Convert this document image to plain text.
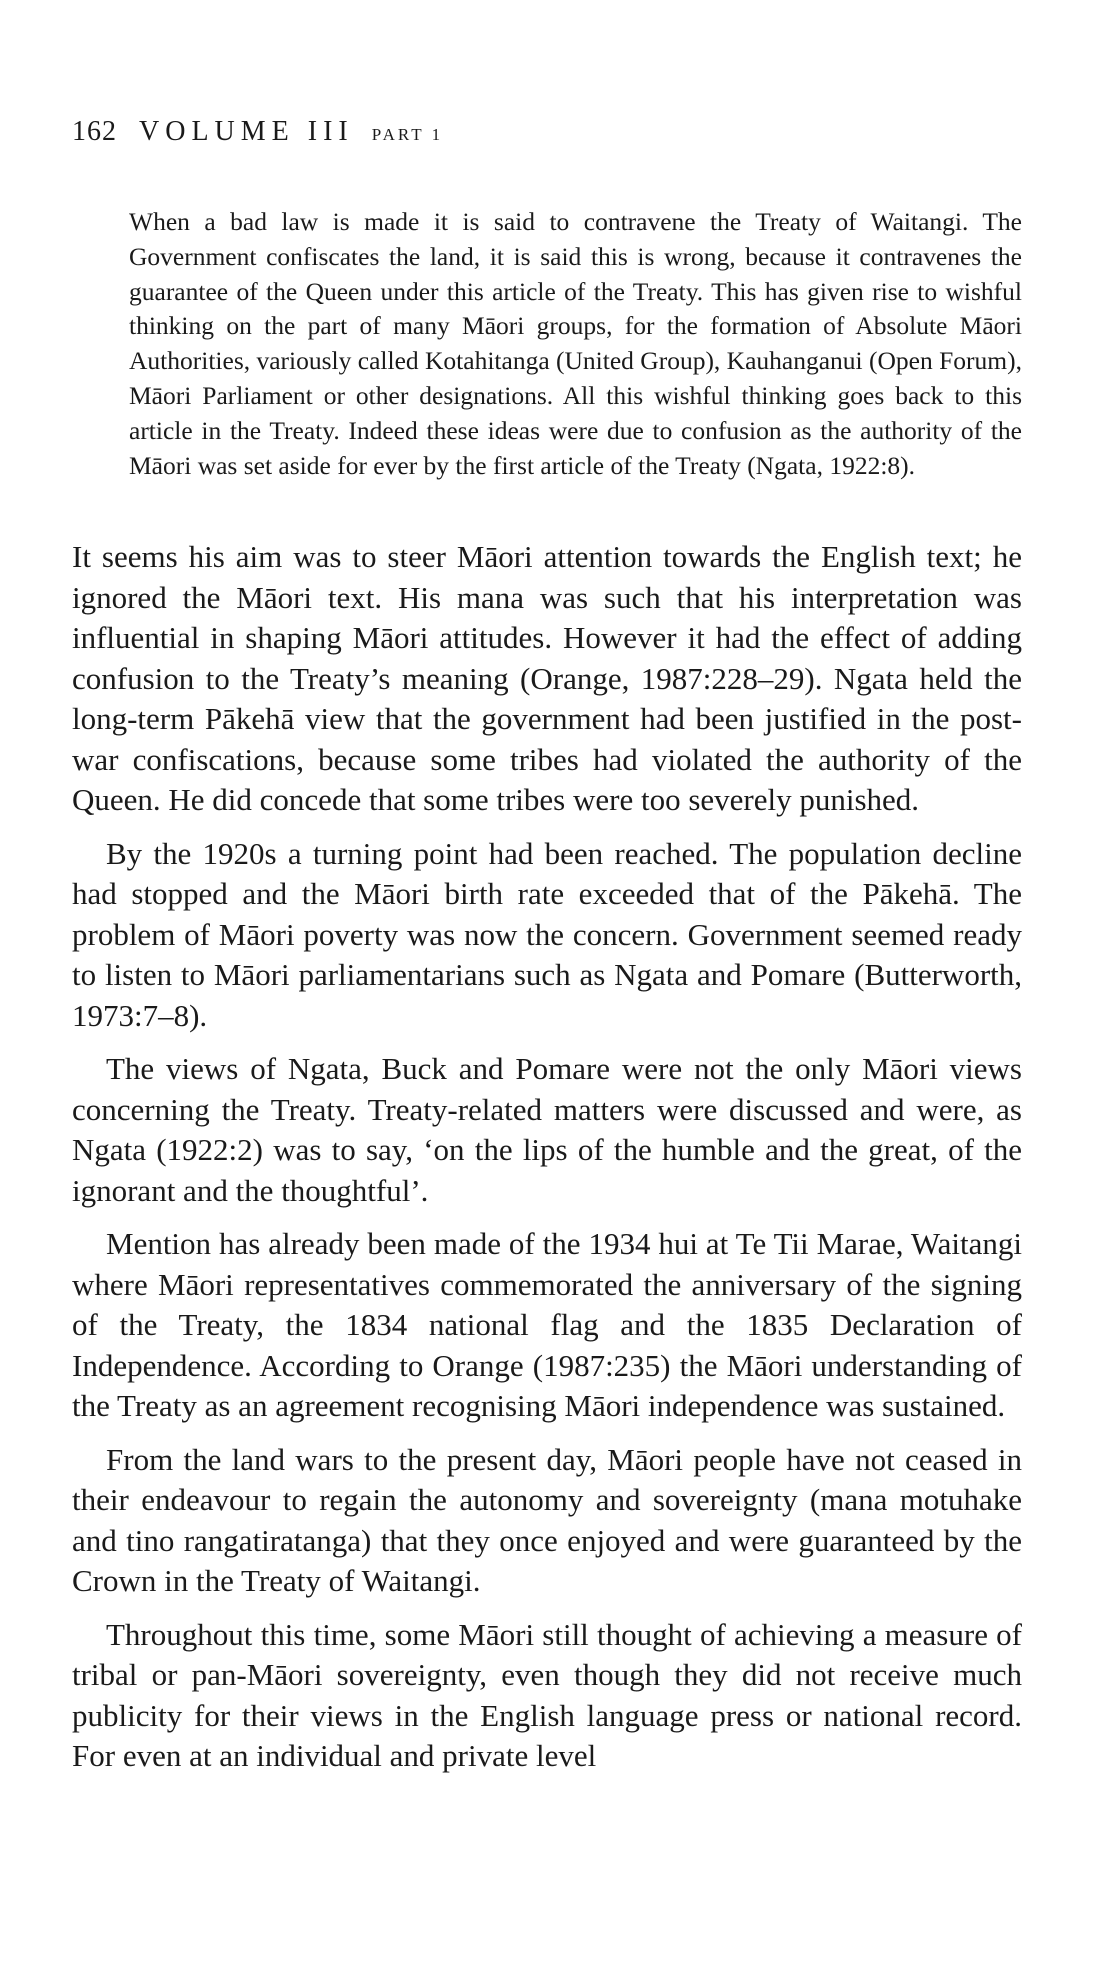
162 VOLUME III PART 1
When a bad law is made it is said to contravene the Treaty of Waitangi. The Government confiscates the land, it is said this is wrong, because it contravenes the guarantee of the Queen under this article of the Treaty. This has given rise to wishful thinking on the part of many Māori groups, for the formation of Absolute Māori Authorities, variously called Kotahitanga (United Group), Kauhanganui (Open Forum), Māori Parliament or other designations. All this wishful thinking goes back to this article in the Treaty. Indeed these ideas were due to confusion as the authority of the Māori was set aside for ever by the first article of the Treaty (Ngata, 1922:8).

It seems his aim was to steer Māori attention towards the English text; he ignored the Māori text. His mana was such that his interpretation was influential in shaping Māori attitudes. However it had the effect of adding confusion to the Treaty’s meaning (Orange, 1987:228–29). Ngata held the long-term Pākehā view that the government had been justified in the post-war confiscations, because some tribes had violated the authority of the Queen. He did concede that some tribes were too severely punished.

By the 1920s a turning point had been reached. The population decline had stopped and the Māori birth rate exceeded that of the Pākehā. The problem of Māori poverty was now the concern. Government seemed ready to listen to Māori parliamentarians such as Ngata and Pomare (Butterworth, 1973:7–8).

The views of Ngata, Buck and Pomare were not the only Māori views concerning the Treaty. Treaty-related matters were discussed and were, as Ngata (1922:2) was to say, ‘on the lips of the humble and the great, of the ignorant and the thoughtful’.

Mention has already been made of the 1934 hui at Te Tii Marae, Waitangi where Māori representatives commemorated the anniversary of the signing of the Treaty, the 1834 national flag and the 1835 Declaration of Independence. According to Orange (1987:235) the Māori understanding of the Treaty as an agreement recognising Māori independence was sustained.

From the land wars to the present day, Māori people have not ceased in their endeavour to regain the autonomy and sovereignty (mana motuhake and tino rangatiratanga) that they once enjoyed and were guaranteed by the Crown in the Treaty of Waitangi.

Throughout this time, some Māori still thought of achieving a measure of tribal or pan-Māori sovereignty, even though they did not receive much publicity for their views in the English language press or national record. For even at an individual and private level
